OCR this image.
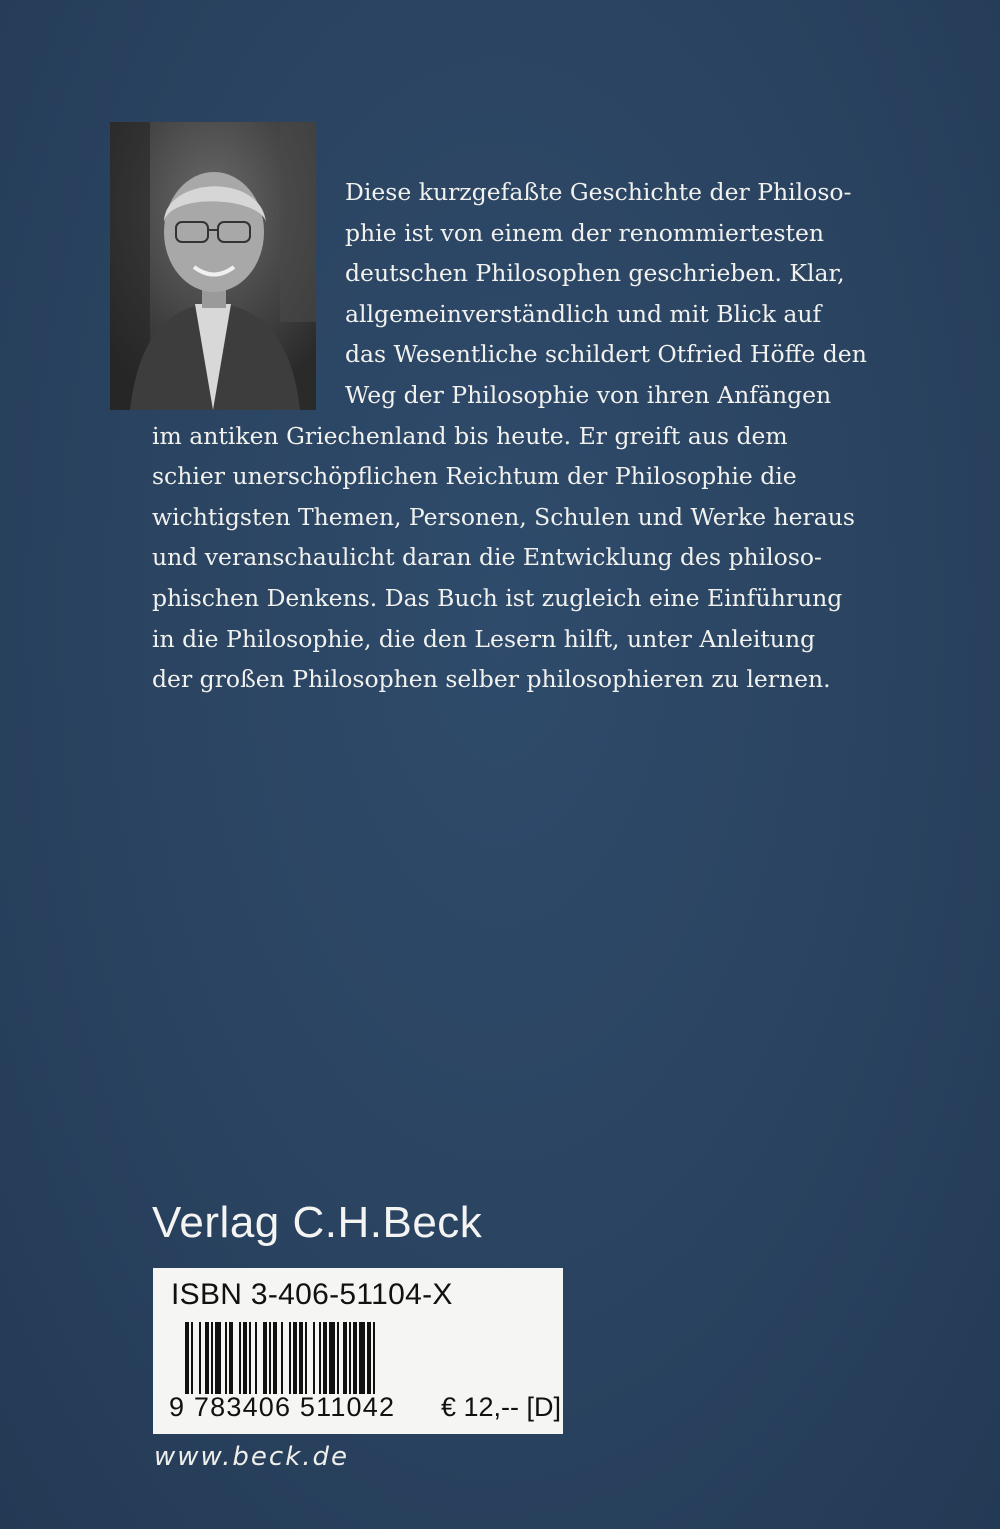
Diese kurzgefaßte Geschichte der Philoso-
phie ist von einem der renommiertesten
deutschen Philosophen geschrieben. Klar,
allgemeinverständlich und mit Blick auf
das Wesentliche schildert Otfried Höffe den
Weg der Philosophie von ihren Anfängen
im antiken Griechenland bis heute. Er greift aus dem
schier unerschöpflichen Reichtum der Philosophie die
wichtigsten Themen, Personen, Schulen und Werke heraus
und veranschaulicht daran die Entwicklung des philoso-
phischen Denkens. Das Buch ist zugleich eine Einführung
in die Philosophie, die den Lesern hilft, unter Anleitung
der großen Philosophen selber philosophieren zu lernen.
Verlag C.H.Beck
ISBN 3-406-51104-X
9 783406 511042	€ 12,-- [D]
www.beck.de
